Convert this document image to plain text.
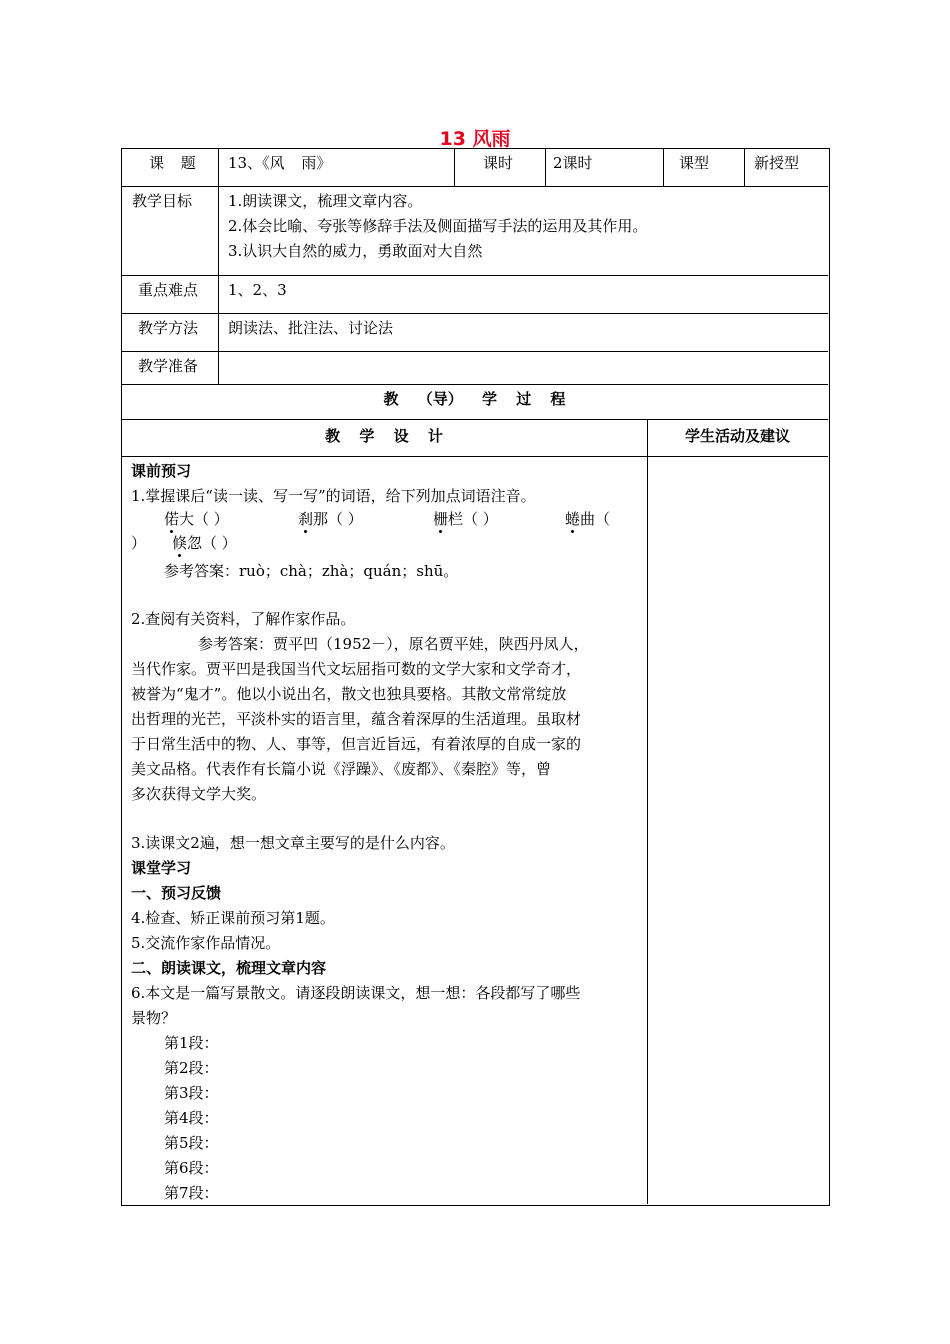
13 风雨
课 题 13、《风 雨》	课时	2课时	课型	新授型
教学目标 1.朗读课文，梳理文章内容。
2.体会比喻、夸张等修辞手法及侧面描写手法的运用及其作用。
3.认识大自然的威力，勇敢面对大自然
重点难点 1、2、3
教学方法 朗读法、批注法、讨论法
教学准备
教 （导） 学 过 程
教 学 设 计	学生活动及建议
课前预习
1.掌握课后“读一读、写一写”的词语，给下列加点词语注音。
偌大（ ）	刹那（ ）	栅栏（ ）	蜷曲（
） 倏忽（ ）
参考答案：ruò；chà；zhà；quán；shū。
2.查阅有关资料，了解作家作品。
参考答案：贾平凹（1952－），原名贾平娃，陕西丹凤人，
当代作家。贾平凹是我国当代文坛屈指可数的文学大家和文学奇才，
被誉为“鬼才”。他以小说出名，散文也独具要格。其散文常常绽放
出哲理的光芒，平淡朴实的语言里，蕴含着深厚的生活道理。虽取材
于日常生活中的物、人、事等，但言近旨远，有着浓厚的自成一家的
美文品格。代表作有长篇小说《浮躁》、《废都》、《秦腔》等，曾
多次获得文学大奖。
3.读课文2遍，想一想文章主要写的是什么内容。
课堂学习
一、预习反馈
4.检查、矫正课前预习第1题。
5.交流作家作品情况。
二、朗读课文，梳理文章内容
6.本文是一篇写景散文。请逐段朗读课文，想一想：各段都写了哪些
景物？
第1段：
第2段：
第3段：
第4段：
第5段：
第6段：
第7段：
